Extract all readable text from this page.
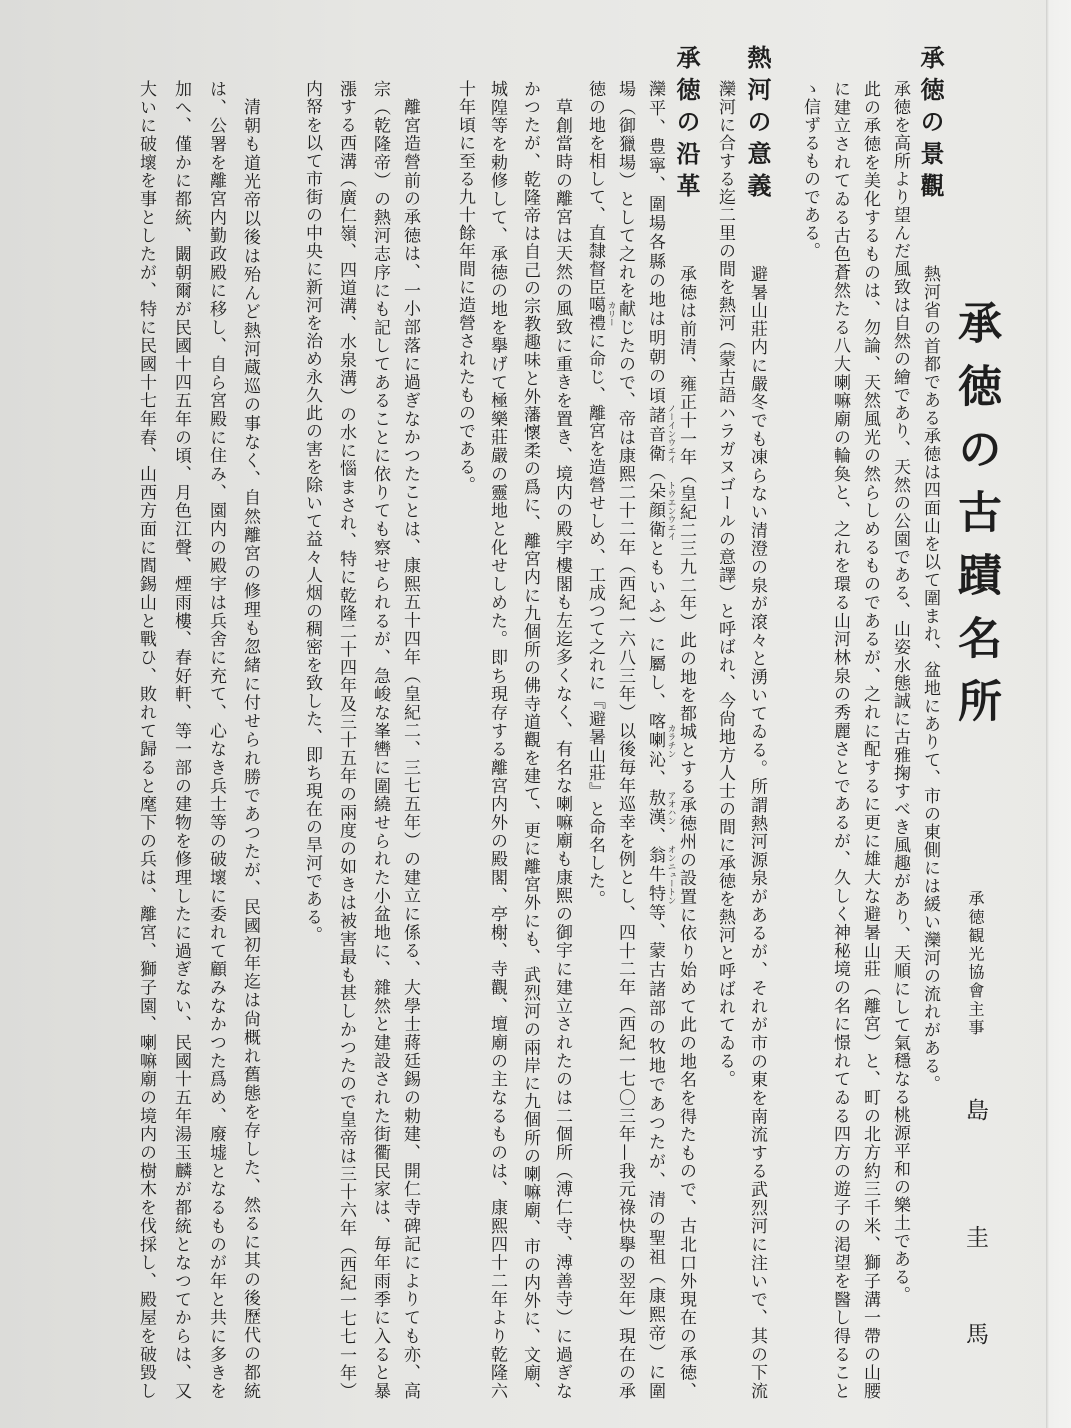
承徳の古蹟名所
承徳観光協會主事
島
圭
馬
承徳の景觀
熱河の意義
承徳の沿革
熱河省の首都である承徳は四面山を以て圍まれ、盆地にありて、市の東側には緩い灤河の流れがある。
承徳を高所より望んだ風致は自然の繪であり、天然の公園である、山姿水態誠に古雅掬すべき風趣があり、天順にして氣穩なる桃源平和の樂土である。
此の承徳を美化するものは、勿論、天然風光の然らしめるものであるが、之れに配するに更に雄大な避暑山莊（離宮）と、町の北方約三千米、獅子溝一帶の山腰
に建立されてゐる古色蒼然たる八大喇嘛廟の輪奐と、之れを環る山河林泉の秀麗さとであるが、久しく神秘境の名に憬れてゐる四方の遊子の渇望を醫し得ること
ゝ信ずるものである。
避暑山莊内に嚴冬でも凍らない清澄の泉が滾々と湧いてゐる。所謂熱河源泉があるが、それが市の東を南流する武烈河に注いで、其の下流
灤河に合する迄二里の間を熱河（蒙古語ハラガヌゴールの意譯）と呼ばれ、今尙地方人士の間に承徳を熱河と呼ばれてゐる。
承徳は前清、雍正十一年（皇紀二三九二年）此の地を都城とする承徳州の設置に依り始めて此の地名を得たもので、古北口外現在の承徳、
灤平、豊寧、圍場各縣の地は明朝の頃諸音衛 ノーインウエイ
（朵顔衛 トウエンウエイ
ともいふ）に屬し、喀喇沁 カラチン
、敖漢 アオハン
、翁牛特 オンニュートン
等、蒙古諸部の牧地であつたが、清の聖祖（康熙帝）に圍
場（御獵場）として之れを献じたので、帝は康熙二十二年（西紀一六八三年）以後毎年巡幸を例とし、四十二年（西紀一七〇三年—我元祿快擧の翌年）現在の承
徳の地を相して、直隸督臣噶禮 カリー
に命じ、離宮を造營せしめ、工成つて之れに『避暑山莊』と命名した。
草創當時の離宮は天然の風致に重きを置き、境内の殿宇樓閣も左迄多くなく、有名な喇嘛廟も康熙の御宇に建立されたのは二個所（溥仁寺、溥善寺）に過ぎな
かつたが、乾隆帝は自己の宗教趣味と外藩懷柔の爲に、離宮内に九個所の佛寺道觀を建て、更に離宮外にも、武烈河の兩岸に九個所の喇嘛廟、市の内外に、文廟、
城隍等を勅修して、承徳の地を擧げて極樂莊嚴の靈地と化せしめた。即ち現存する離宮内外の殿閣、亭榭、寺觀、壇廟の主なるものは、康熙四十二年より乾隆六
十年頃に至る九十餘年間に造營されたものである。
離宮造營前の承徳は、一小部落に過ぎなかつたことは、康熙五十四年（皇紀二、三七五年）の建立に係る、大學士蔣廷錫の勅建、開仁寺碑記によりても亦、高
宗（乾隆帝）の熱河志序にも記してあることに依りても察せられるが、急峻な峯轡に圍繞せられた小盆地に、雜然と建設された街衢民家は、毎年雨季に入ると暴
漲する西溝（廣仁嶺、四道溝、水泉溝）の水に惱まされ、特に乾隆二十四年及三十五年の兩度の如きは被害最も甚しかつたので皇帝は三十六年（西紀一七七一年）
内帑を以て市街の中央に新河を治め永久此の害を除いて益々人烟の稠密を致した、即ち現在の旱河である。
清朝も道光帝以後は殆んど熱河蔵巡の事なく、自然離宮の修理も忽緒に付せられ勝であつたが、民國初年迄は尙概れ舊態を存した、然るに其の後歷代の都統
は、公署を離宮内勤政殿に移し、自ら宮殿に住み、園内の殿宇は兵舍に充て、心なき兵士等の破壞に委れて顧みなかつた爲め、廢墟となるものが年と共に多きを
加へ、僅かに都統、闞朝爾が民國十四五年の頃、月色江聲、煙雨樓、春好軒、等一部の建物を修理したに過ぎない、民國十五年湯玉麟が都統となつてからは、又
大いに破壞を事としたが、特に民國十七年春、山西方面に閻錫山と戰ひ、敗れて歸ると麾下の兵は、離宮、獅子園、喇嘛廟の境内の樹木を伐採し、殿屋を破毀し
